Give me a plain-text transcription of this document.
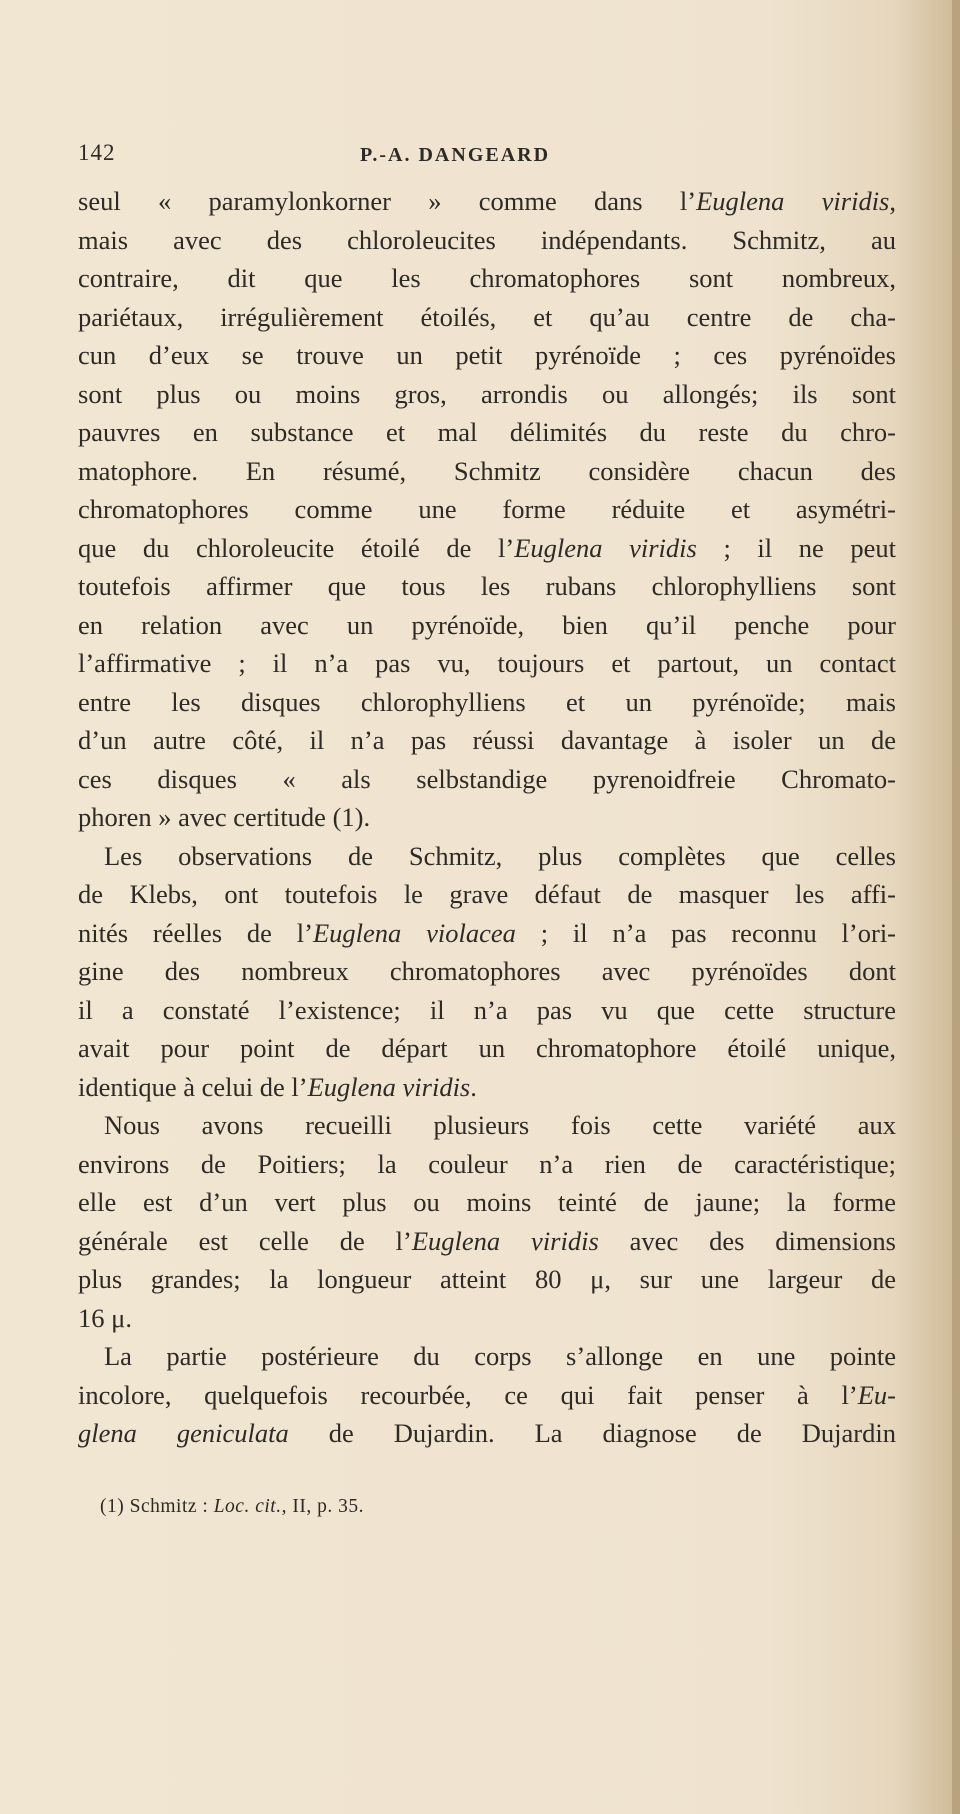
142	P.-A. DANGEARD
seul « paramylonkorner » comme dans l’Euglena viridis,
mais avec des chloroleucites indépendants. Schmitz, au
contraire, dit que les chromatophores sont nombreux,
pariétaux, irrégulièrement étoilés, et qu’au centre de cha-
cun d’eux se trouve un petit pyrénoïde ; ces pyrénoïdes
sont plus ou moins gros, arrondis ou allongés; ils sont
pauvres en substance et mal délimités du reste du chro-
matophore. En résumé, Schmitz considère chacun des
chromatophores comme une forme réduite et asymétri-
que du chloroleucite étoilé de l’Euglena viridis ; il ne peut
toutefois affirmer que tous les rubans chlorophylliens sont
en relation avec un pyrénoïde, bien qu’il penche pour
l’affirmative ; il n’a pas vu, toujours et partout, un contact
entre les disques chlorophylliens et un pyrénoïde; mais
d’un autre côté, il n’a pas réussi davantage à isoler un de
ces disques « als selbstandige pyrenoidfreie Chromato-
phoren » avec certitude (1).
Les observations de Schmitz, plus complètes que celles
de Klebs, ont toutefois le grave défaut de masquer les affi-
nités réelles de l’Euglena violacea ; il n’a pas reconnu l’ori-
gine des nombreux chromatophores avec pyrénoïdes dont
il a constaté l’existence; il n’a pas vu que cette structure
avait pour point de départ un chromatophore étoilé unique,
identique à celui de l’Euglena viridis.
Nous avons recueilli plusieurs fois cette variété aux
environs de Poitiers; la couleur n’a rien de caractéristique;
elle est d’un vert plus ou moins teinté de jaune; la forme
générale est celle de l’Euglena viridis avec des dimensions
plus grandes; la longueur atteint 80 μ, sur une largeur de
16 μ.
La partie postérieure du corps s’allonge en une pointe
incolore, quelquefois recourbée, ce qui fait penser à l’Eu-
glena geniculata de Dujardin. La diagnose de Dujardin
(1) Schmitz : Loc. cit., II, p. 35.
